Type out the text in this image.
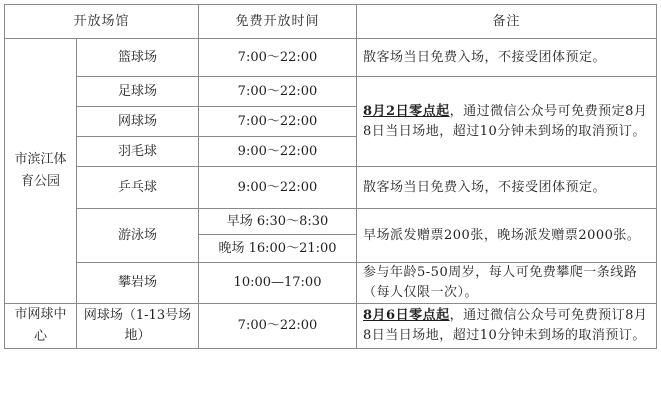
开放场馆		免费开放时间	备注
市滨江体育公园	篮球场	7:00～22:00	散客场当日免费入场，不接受团体预定。
	足球场	7:00～22:00	8月2日零点起，通过微信公众号可免费预定8月8日当日场地，超过10分钟未到场的取消预订。
	网球场	7:00～22:00	
	羽毛球	9:00～22:00	
	乒乓球	9:00～22:00	散客场当日免费入场，不接受团体预定。
	游泳场	早场 6:30～8:30	早场派发赠票200张，晚场派发赠票2000张。
		晚场 16:00～21:00	
	攀岩场	10:00—17:00	参与年龄5-50周岁，每人可免费攀爬一条线路（每人仅限一次）。
市网球中心	网球场（1-13号场地）	7:00～22:00	8月6日零点起，通过微信公众号可免费预订8月8日当日场地，超过10分钟未到场的取消预订。
